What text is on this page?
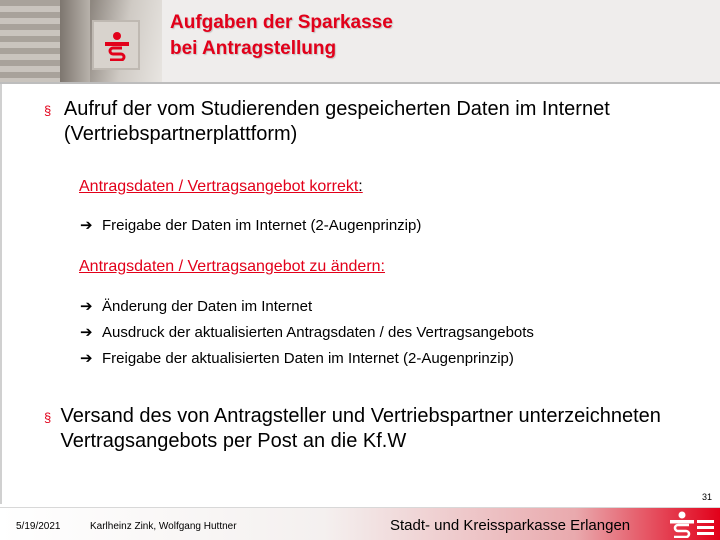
Aufgaben der Sparkasse
bei Antragstellung
§ Aufruf der vom Studierenden gespeicherten Daten im Internet (Vertriebspartnerplattform)
Antragsdaten / Vertragsangebot korrekt:
➔ Freigabe der Daten im Internet (2-Augenprinzip)
Antragsdaten / Vertragsangebot zu ändern:
➔ Änderung der Daten im Internet
➔ Ausdruck der aktualisierten Antragsdaten / des Vertragsangebots
➔ Freigabe der aktualisierten Daten im Internet (2-Augenprinzip)
§ Versand des von Antragsteller und Vertriebspartner unterzeichneten Vertragsangebots per Post an die Kf.W
31
5/19/2021	Karlheinz Zink, Wolfgang Huttner	Stadt- und Kreissparkasse Erlangen
